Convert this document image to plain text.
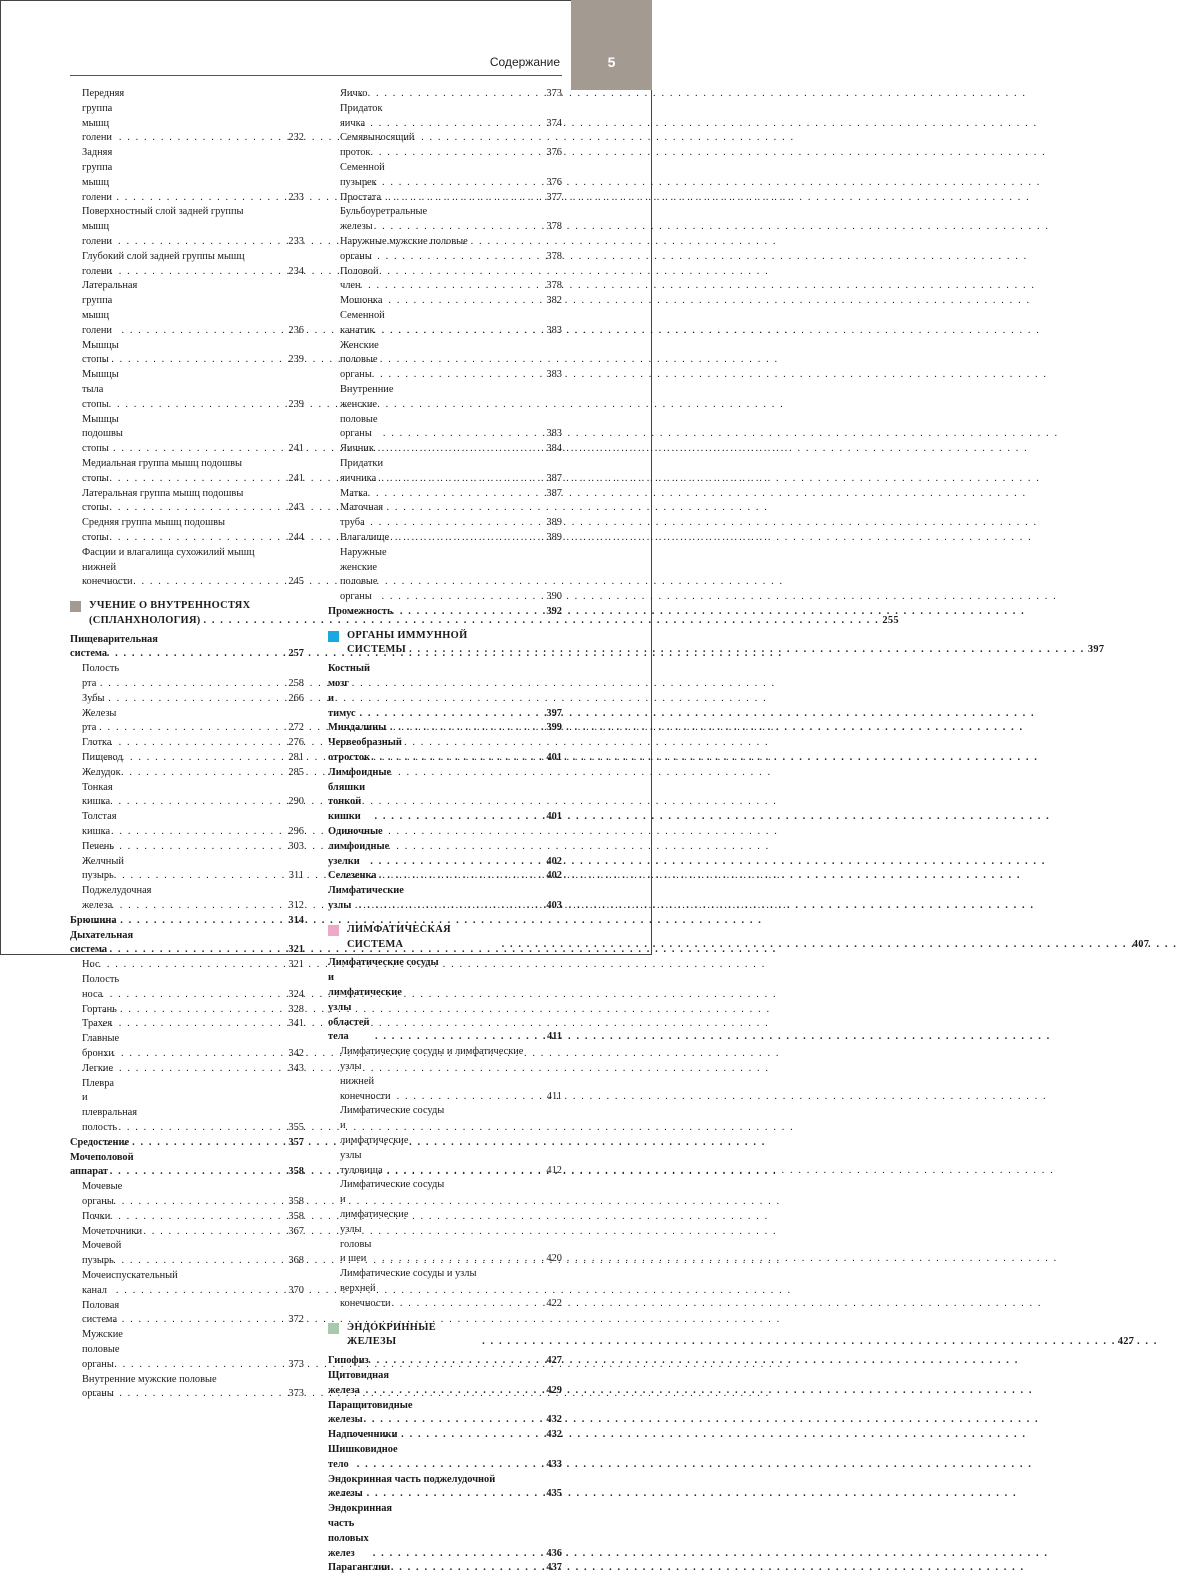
5
Содержание
Передняя группа мышц голени . . .	232
Задняя группа мышц голени . . .	233
Поверхностный слой задней группы
мышц голени . . .	233
Глубокий слой задней группы мышц
голени . . .	234
Латеральная группа мышц голени . . .	236
Мышцы стопы . . .	239
Мышцы тыла стопы . . .	239
Мышцы подошвы стопы . . .	241
Медиальная группа мышц подошвы
стопы . . .	241
Латеральная группа мышц подошвы
стопы . . .	243
Средняя группа мышц подошвы
стопы . . .	244
Фасции и влагалища сухожилий мышц
нижней конечности . . .	245
УЧЕНИЕ О ВНУТРЕННОСТЯХ
(СПЛАНХНОЛОГИЯ) . . .	255
Пищеварительная система . . .	257
Полость рта . . .	258
Зубы . . .	266
Железы рта . . .	272
Глотка . . .	276
Пищевод . . .	281
Желудок . . .	285
Тонкая кишка . . .	290
Толстая кишка . . .	296
Печень . . .	303
Желчный пузырь . . .	311
Поджелудочная железа . . .	312
Брюшина . . .	314
Дыхательная система . . .	321
Нос . . .	321
Полость носа . . .	324
Гортань . . .	328
Трахея . . .	341
Главные бронхи . . .	342
Легкие . . .	343
Плевра и плевральная полость . . .	355
Средостение . . .	357
Мочеполовой аппарат . . .	358
Мочевые органы . . .	358
Почки . . .	358
Мочеточники . . .	367
Мочевой пузырь . . .	368
Мочеиспускательный канал . . .	370
Половая система . . .	372
Мужские половые органы . . .	373
Внутренние мужские половые
органы . . .	373
Яичко . . .	373
Придаток яичка . . .	374
Семявыносящий проток . . .	376
Семенной пузырек . . .	376
Простата . . .	377
Бульбоуретральные железы . . .	378
Наружные мужские половые
органы . . .	378
Половой член . . .	378
Мошонка . . .	382
Семенной канатик . . .	383
Женские половые органы . . .	383
Внутренние женские половые органы . . .	383
Яичник . . .	384
Придатки яичника . . .	387
Матка . . .	387
Маточная труба . . .	389
Влагалище . . .	389
Наружные женские половые органы . . .	390
Промежность . . .	392
ОРГАНЫ ИММУННОЙ
СИСТЕМЫ . . .	397
Костный мозг и тимус . . .	397
Миндалины . . .	399
Червеобразный отросток . . .	401
Лимфоидные бляшки тонкой кишки . . .	401
Одиночные лимфоидные узелки . . .	402
Селезенка . . .	402
Лимфатические узлы . . .	403
ЛИМФАТИЧЕСКАЯ СИСТЕМА . . .	407
Лимфатические сосуды
и лимфатические узлы областей тела . . .	411
Лимфатические сосуды и лимфатические
узлы нижней конечности . . .	411
Лимфатические сосуды
и лимфатические узлы туловища . . .	412
Лимфатические сосуды
и лимфатические узлы головы и шеи . . .	420
Лимфатические сосуды и узлы
верхней конечности . . .	422
ЭНДОКРИННЫЕ ЖЕЛЕЗЫ . . .	427
Гипофиз . . .	427
Щитовидная железа . . .	429
Паращитовидные железы . . .	432
Надпочечники . . .	432
Шишковидное тело . . .	433
Эндокринная часть поджелудочной
железы . . .	435
Эндокринная часть половых желез . . .	436
Параганглии . . .	437
